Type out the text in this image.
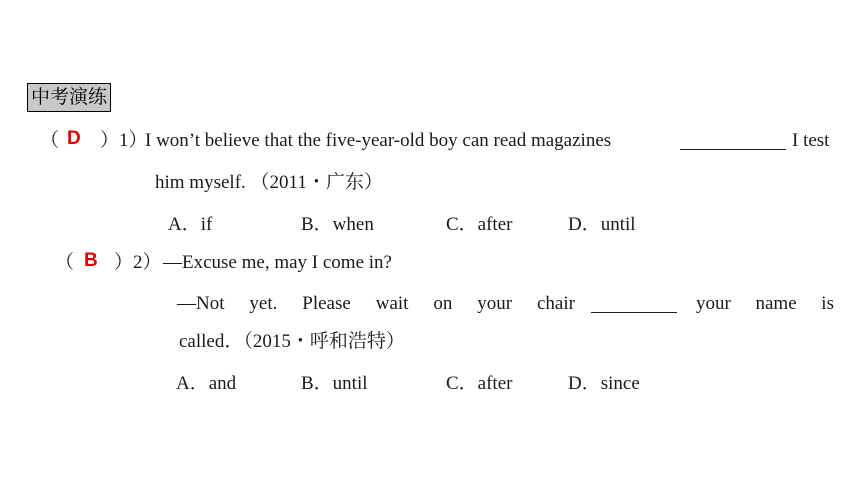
中考演练
（ D ）1）
I won’t believe that the five-year-old boy can read magazines	I test
him myself. （2011・广东）
A．if	B．when	C．after	D．until
（ B ）2） —Excuse me, may I come in?
—Not yet. Please wait on your chair	your name is
called．（2015・呼和浩特）
A．and	B．until	C．after	D．since
